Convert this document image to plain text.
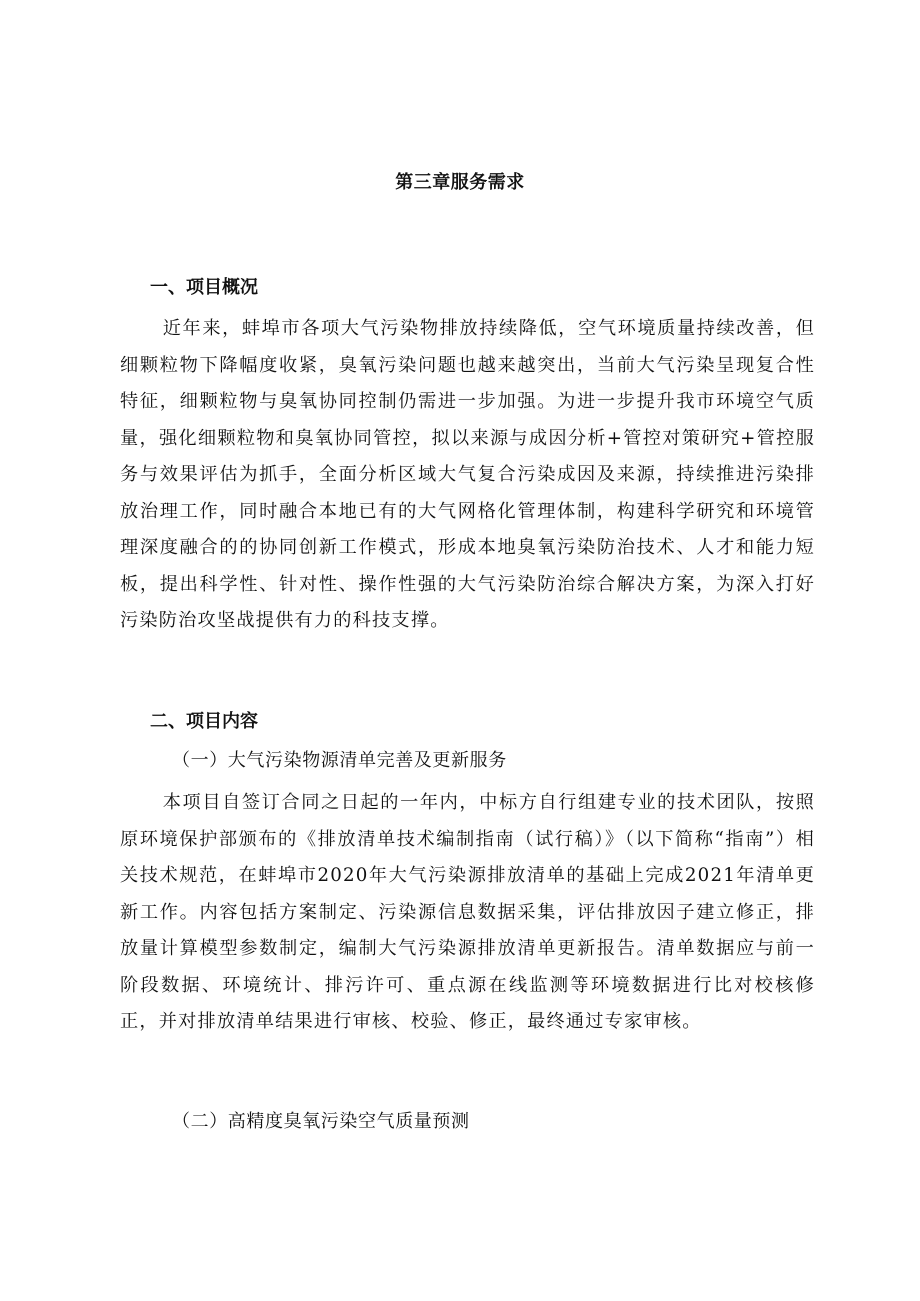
第三章服务需求
一、项目概况

近年来，蚌埠市各项大气污染物排放持续降低，空气环境质量持续改善，但细颗粒物下降幅度收紧，臭氧污染问题也越来越突出，当前大气污染呈现复合性特征，细颗粒物与臭氧协同控制仍需进一步加强。为进一步提升我市环境空气质量，强化细颗粒物和臭氧协同管控，拟以来源与成因分析+管控对策研究+管控服务与效果评估为抓手，全面分析区域大气复合污染成因及来源，持续推进污染排放治理工作，同时融合本地已有的大气网格化管理体制，构建科学研究和环境管理深度融合的的协同创新工作模式，形成本地臭氧污染防治技术、人才和能力短板，提出科学性、针对性、操作性强的大气污染防治综合解决方案，为深入打好污染防治攻坚战提供有力的科技支撑。

二、项目内容
（一）大气污染物源清单完善及更新服务

本项目自签订合同之日起的一年内，中标方自行组建专业的技术团队，按照原环境保护部颁布的《排放清单技术编制指南（试行稿）》（以下简称“指南”）相关技术规范，在蚌埠市2020年大气污染源排放清单的基础上完成2021年清单更新工作。内容包括方案制定、污染源信息数据采集，评估排放因子建立修正，排放量计算模型参数制定，编制大气污染源排放清单更新报告。清单数据应与前一阶段数据、环境统计、排污许可、重点源在线监测等环境数据进行比对校核修正，并对排放清单结果进行审核、校验、修正，最终通过专家审核。

（二）高精度臭氧污染空气质量预测
